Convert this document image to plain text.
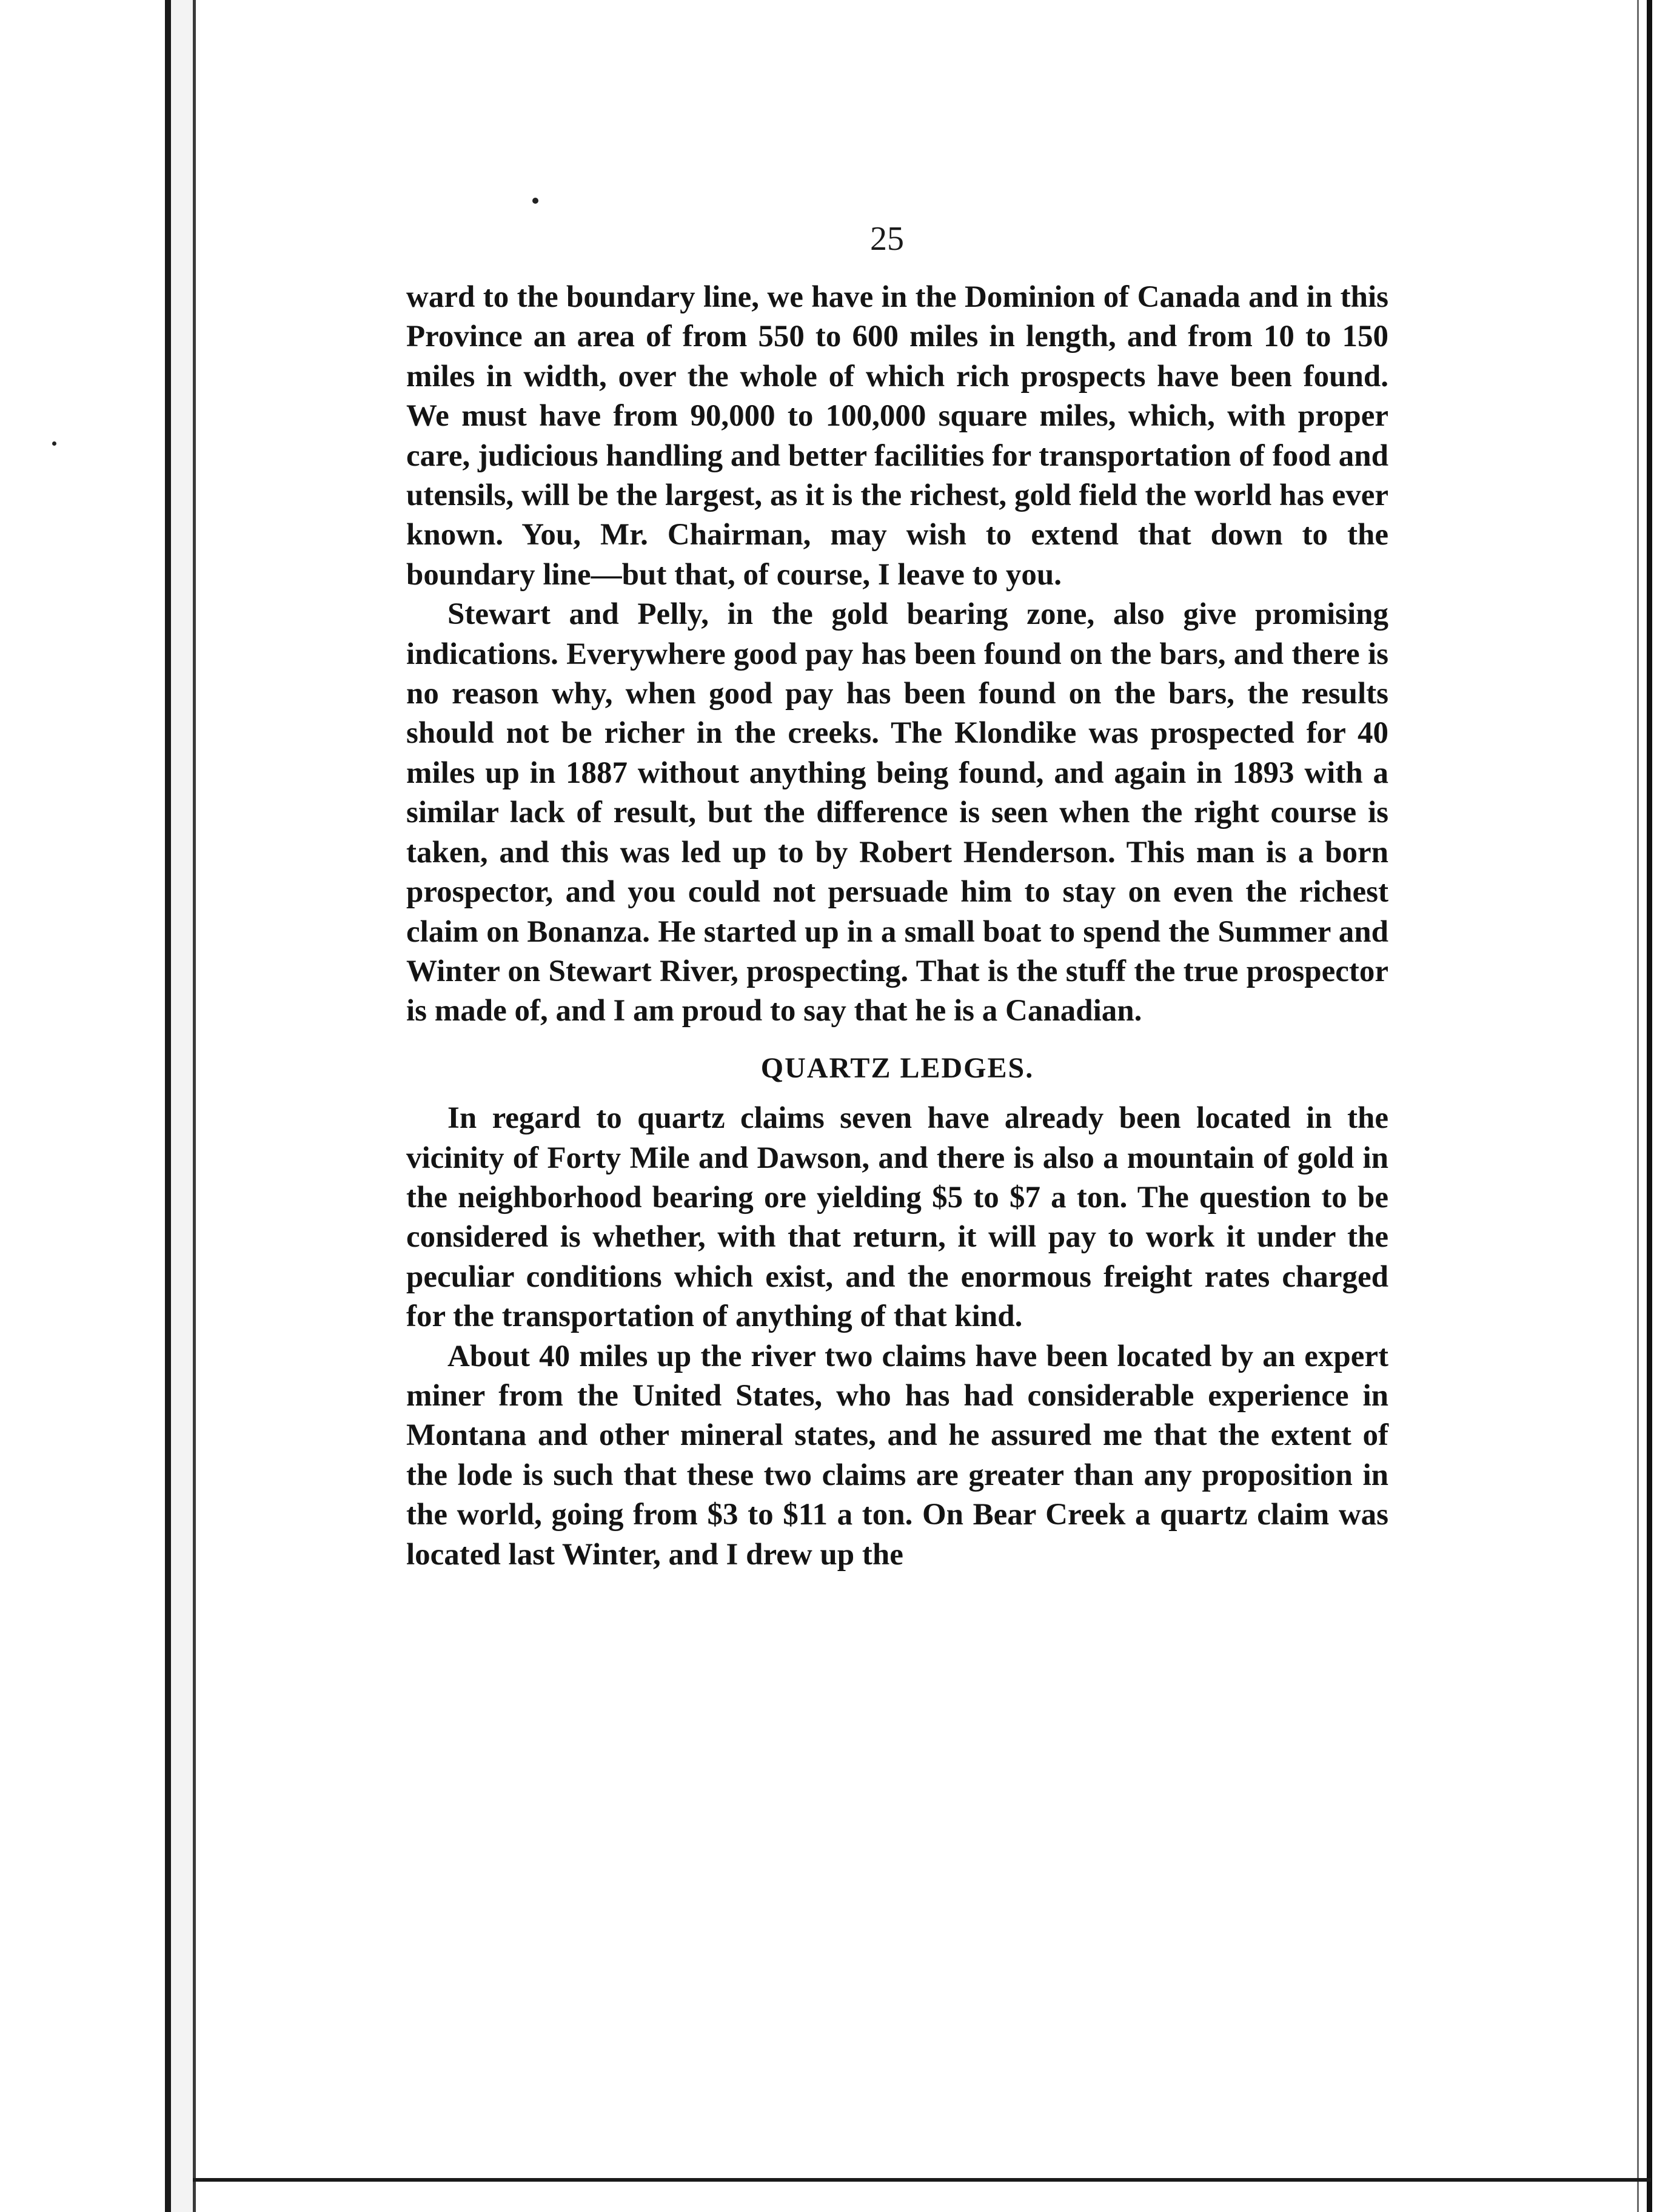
25

ward to the boundary line, we have in the Dominion of Canada and in this Province an area of from 550 to 600 miles in length, and from 10 to 150 miles in width, over the whole of which rich prospects have been found. We must have from 90,000 to 100,000 square miles, which, with proper care, judicious handling and better facilities for transportation of food and utensils, will be the largest, as it is the richest, gold field the world has ever known. You, Mr. Chairman, may wish to extend that down to the boundary line—but that, of course, I leave to you.

Stewart and Pelly, in the gold bearing zone, also give promising indications. Everywhere good pay has been found on the bars, and there is no reason why, when good pay has been found on the bars, the results should not be richer in the creeks. The Klondike was prospected for 40 miles up in 1887 without anything being found, and again in 1893 with a similar lack of result, but the difference is seen when the right course is taken, and this was led up to by Robert Henderson. This man is a born prospector, and you could not persuade him to stay on even the richest claim on Bonanza. He started up in a small boat to spend the Summer and Winter on Stewart River, prospecting. That is the stuff the true prospector is made of, and I am proud to say that he is a Canadian.

QUARTZ LEDGES.

In regard to quartz claims seven have already been located in the vicinity of Forty Mile and Dawson, and there is also a mountain of gold in the neighborhood bearing ore yielding $5 to $7 a ton. The question to be considered is whether, with that return, it will pay to work it under the peculiar conditions which exist, and the enormous freight rates charged for the transportation of anything of that kind.

About 40 miles up the river two claims have been located by an expert miner from the United States, who has had considerable experience in Montana and other mineral states, and he assured me that the extent of the lode is such that these two claims are greater than any proposition in the world, going from $3 to $11 a ton. On Bear Creek a quartz claim was located last Winter, and I drew up the
